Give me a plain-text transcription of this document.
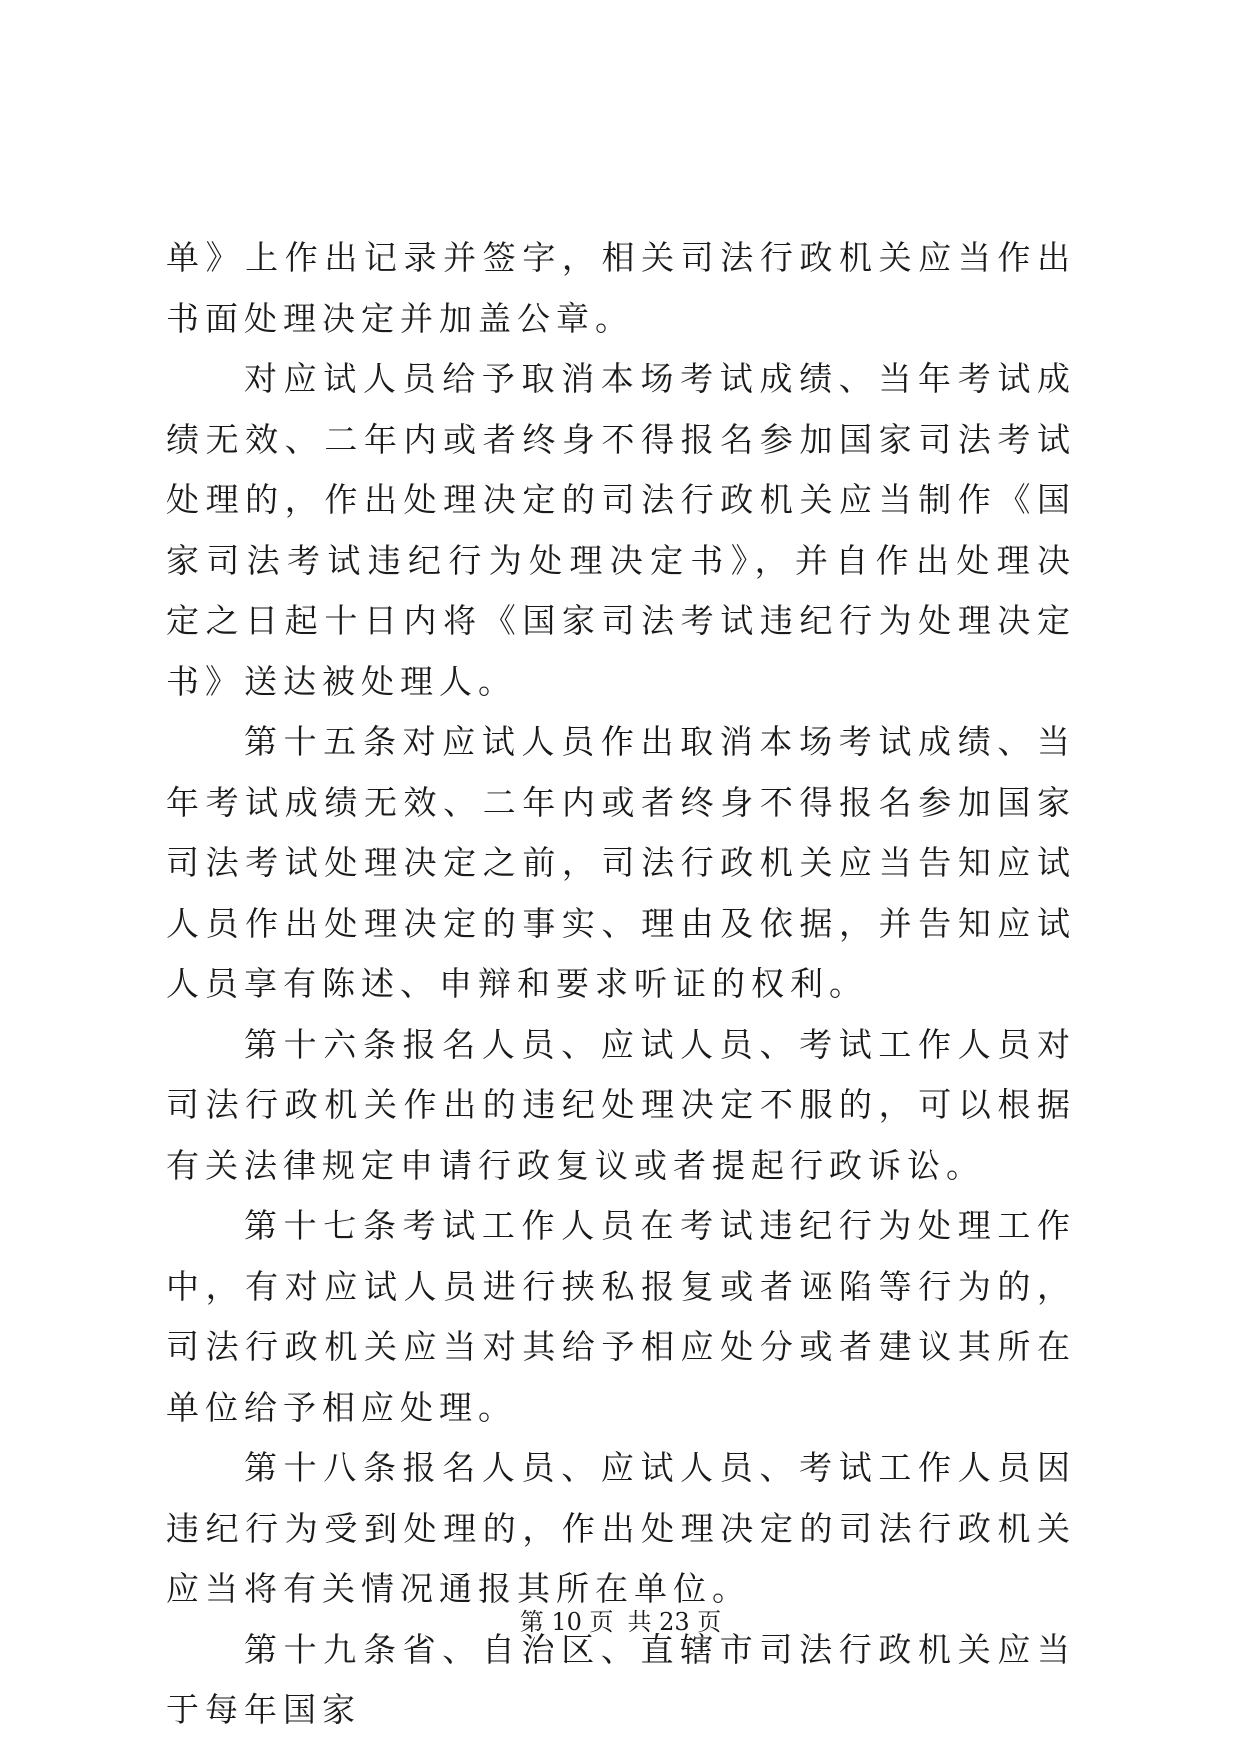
单》上作出记录并签字，相关司法行政机关应当作出书面处理决定并加盖公章。

对应试人员给予取消本场考试成绩、当年考试成绩无效、二年内或者终身不得报名参加国家司法考试处理的，作出处理决定的司法行政机关应当制作《国家司法考试违纪行为处理决定书》，并自作出处理决定之日起十日内将《国家司法考试违纪行为处理决定书》送达被处理人。

第十五条对应试人员作出取消本场考试成绩、当年考试成绩无效、二年内或者终身不得报名参加国家司法考试处理决定之前，司法行政机关应当告知应试人员作出处理决定的事实、理由及依据，并告知应试人员享有陈述、申辩和要求听证的权利。

第十六条报名人员、应试人员、考试工作人员对司法行政机关作出的违纪处理决定不服的，可以根据有关法律规定申请行政复议或者提起行政诉讼。

第十七条考试工作人员在考试违纪行为处理工作中，有对应试人员进行挟私报复或者诬陷等行为的，司法行政机关应当对其给予相应处分或者建议其所在单位给予相应处理。

第十八条报名人员、应试人员、考试工作人员因违纪行为受到处理的，作出处理决定的司法行政机关应当将有关情况通报其所在单位。

第十九条省、自治区、直辖市司法行政机关应当于每年国家

第 10 页 共 23 页
